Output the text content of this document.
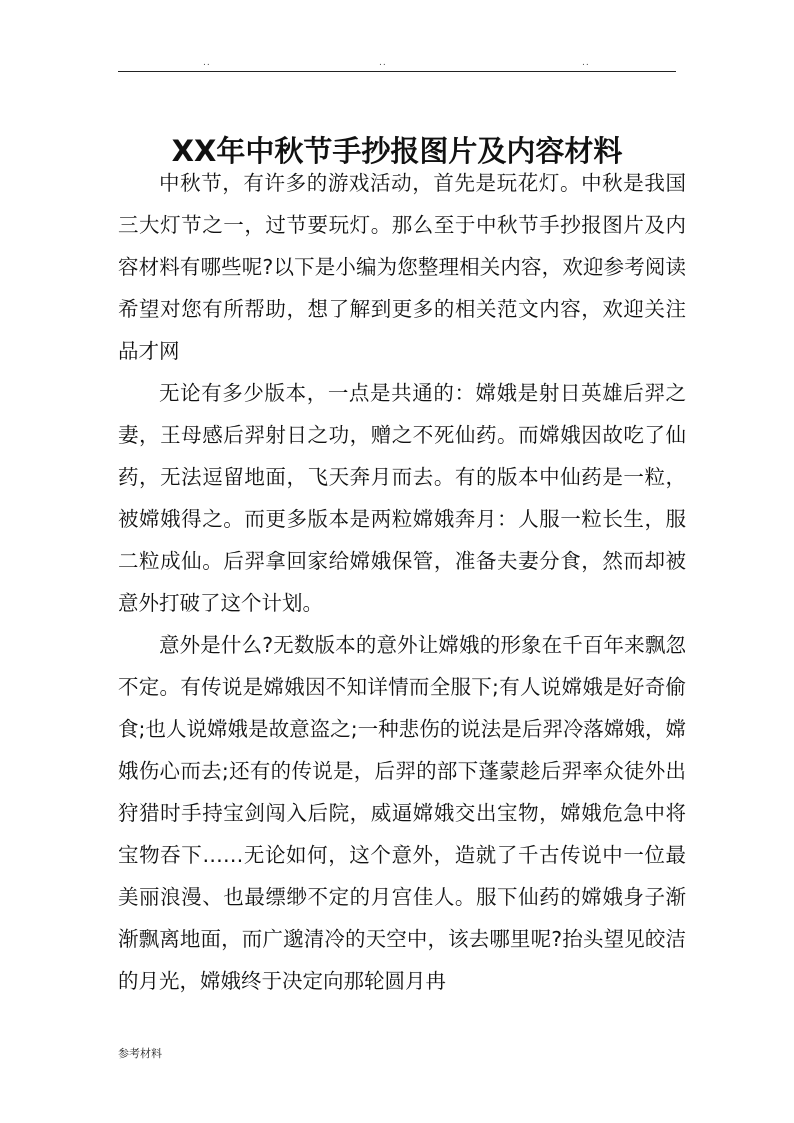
..	..	..
XX年中秋节手抄报图片及内容材料

中秋节，有许多的游戏活动，首先是玩花灯。中秋是我国三大灯节之一，过节要玩灯。那么至于中秋节手抄报图片及内容材料有哪些呢?以下是小编为您整理相关内容，欢迎参考阅读希望对您有所帮助，想了解到更多的相关范文内容，欢迎关注品才网

无论有多少版本，一点是共通的：嫦娥是射日英雄后羿之妻，王母感后羿射日之功，赠之不死仙药。而嫦娥因故吃了仙药，无法逗留地面，飞天奔月而去。有的版本中仙药是一粒，被嫦娥得之。而更多版本是两粒嫦娥奔月：人服一粒长生，服二粒成仙。后羿拿回家给嫦娥保管，准备夫妻分食，然而却被意外打破了这个计划。

意外是什么?无数版本的意外让嫦娥的形象在千百年来飘忽不定。有传说是嫦娥因不知详情而全服下;有人说嫦娥是好奇偷食;也人说嫦娥是故意盗之;一种悲伤的说法是后羿冷落嫦娥，嫦娥伤心而去;还有的传说是，后羿的部下蓬蒙趁后羿率众徒外出狩猎时手持宝剑闯入后院，威逼嫦娥交出宝物，嫦娥危急中将宝物吞下……无论如何，这个意外，造就了千古传说中一位最美丽浪漫、也最缥缈不定的月宫佳人。服下仙药的嫦娥身子渐渐飘离地面，而广邈清冷的天空中，该去哪里呢?抬头望见皎洁的月光，嫦娥终于决定向那轮圆月冉

参考材料
